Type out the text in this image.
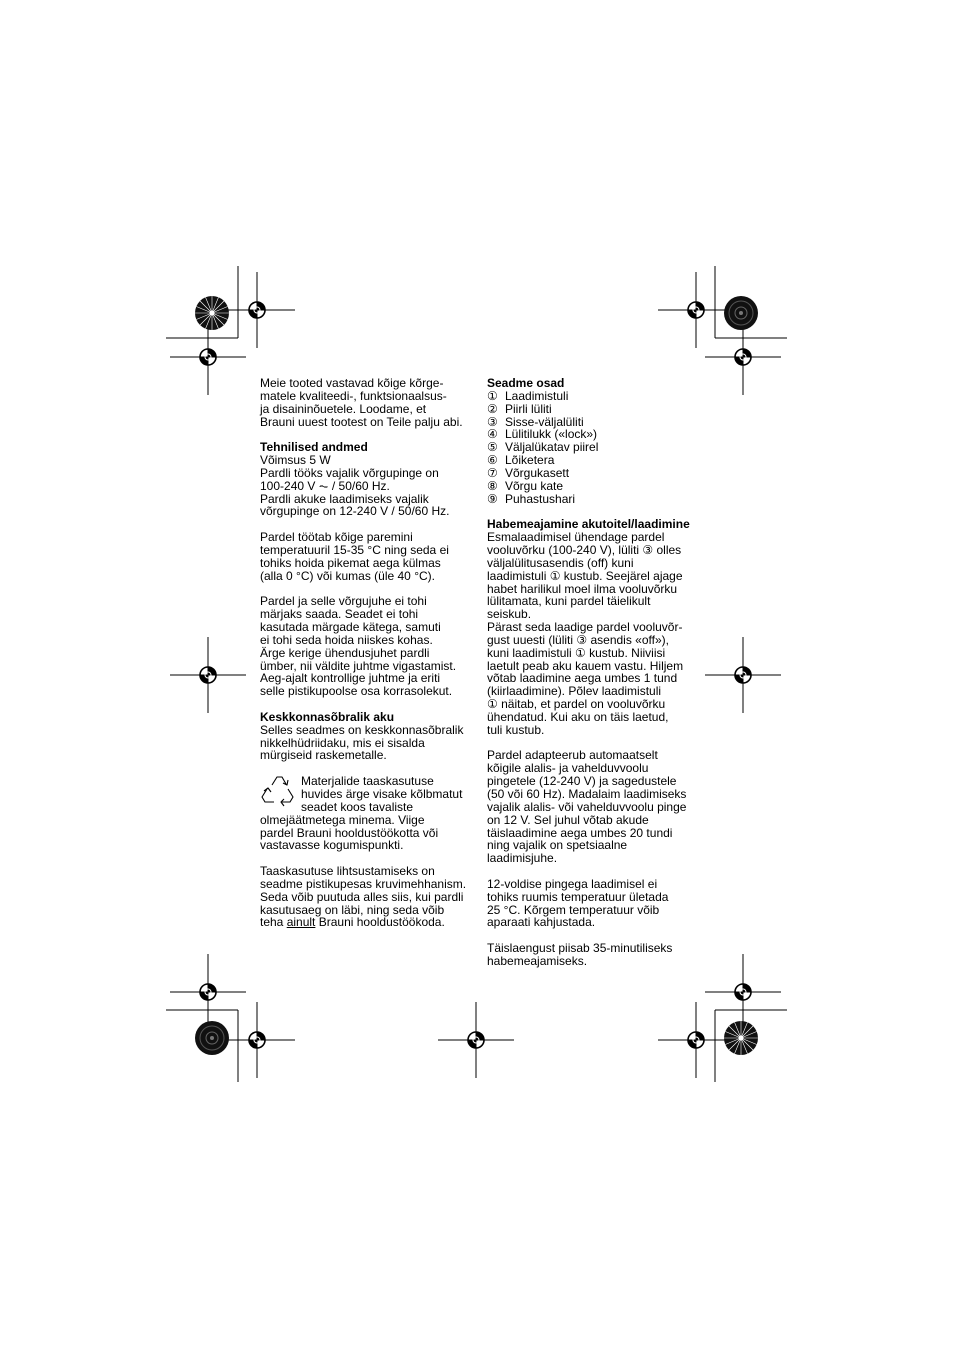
Meie tooted vastavad kõige kõrge-

matele kvaliteedi-, funktsionaalsus-

ja disaininõuetele. Loodame, et

Brauni uuest tootest on Teile palju abi.

Tehnilised andmed

Võimsus 5 W

Pardli tööks vajalik võrgupinge on

100-240 V ⏦ / 50/60 Hz.

Pardli akuke laadimiseks vajalik

võrgupinge on 12-240 V / 50/60 Hz.

Pardel töötab kõige paremini

temperatuuril 15-35 °C ning seda ei

tohiks hoida pikemat aega külmas

(alla 0 °C) või kumas (üle 40 °C).

Pardel ja selle võrgujuhe ei tohi

märjaks saada. Seadet ei tohi

kasutada märgade kätega, samuti

ei tohi seda hoida niiskes kohas.

Ärge kerige ühendusjuhet pardli

ümber, nii väldite juhtme vigastamist.

Aeg-ajalt kontrollige juhtme ja eriti

selle pistikupoolse osa korrasolekut.

Keskkonnasõbralik aku

Selles seadmes on keskkonnasõbralik

nikkelhüdriidaku, mis ei sisalda

mürgiseid raskemetalle.

Materjalide taaskasutuse

huvides ärge visake kõlbmatut

seadet koos tavaliste

olmejäätmetega minema. Viige

pardel Brauni hooldustöökotta või

vastavasse kogumispunkti.

Taaskasutuse lihtsustamiseks on

seadme pistikupesas kruvimehhanism.

Seda võib puutuda alles siis, kui pardli

kasutusaeg on läbi, ning seda võib

teha ainult Brauni hooldustöökoda.

Seadme osad

① Laadimistuli

② Piirli lüliti

③ Sisse-väljalüliti

④ Lülitilukk («lock»)

⑤ Väljalükatav piirel

⑥ Lõiketera

⑦ Võrgukasett

⑧ Võrgu kate

⑨ Puhastushari

Habemeajamine akutoitel/laadimine

Esmalaadimisel ühendage pardel

vooluvõrku (100-240 V), lüliti ③ olles

väljalülitusasendis (off) kuni

laadimistuli ① kustub. Seejärel ajage

habet harilikul moel ilma vooluvõrku

lülitamata, kuni pardel täielikult

seiskub.

Pärast seda laadige pardel vooluvõr-

gust uuesti (lüliti ③ asendis «off»),

kuni laadimistuli ① kustub. Niiviisi

laetult peab aku kauem vastu. Hiljem

võtab laadimine aega umbes 1 tund

(kiirlaadimine). Põlev laadimistuli

① näitab, et pardel on vooluvõrku

ühendatud. Kui aku on täis laetud,

tuli kustub.

Pardel adapteerub automaatselt

kõigile alalis- ja vahelduvvoolu

pingetele (12-240 V) ja sagedustele

(50 või 60 Hz). Madalaim laadimiseks

vajalik alalis- või vahelduvvoolu pinge

on 12 V. Sel juhul võtab akude

täislaadimine aega umbes 20 tundi

ning vajalik on spetsiaalne

laadimisjuhe.

12-voldise pingega laadimisel ei

tohiks ruumis temperatuur ületada

25 °C. Kõrgem temperatuur võib

aparaati kahjustada.

Täislaengust piisab 35-minutiliseks

habemeajamiseks.
